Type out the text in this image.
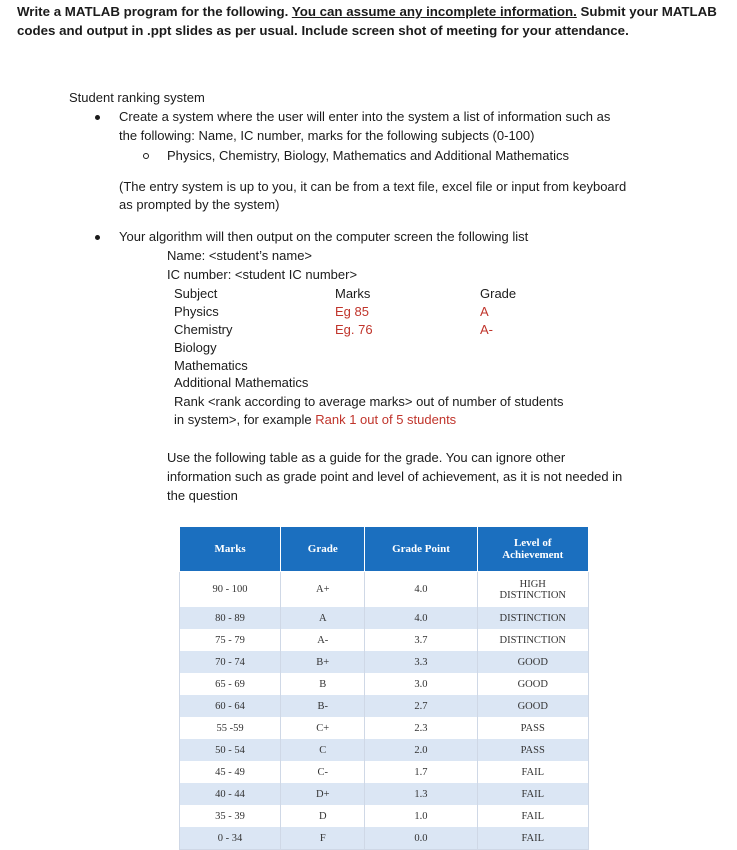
Write a MATLAB program for the following. You can assume any incomplete information. Submit your MATLAB codes and output in .ppt slides as per usual. Include screen shot of meeting for your attendance.
Student ranking system
Create a system where the user will enter into the system a list of information such as
the following: Name, IC number, marks for the following subjects (0-100)
Physics, Chemistry, Biology, Mathematics and Additional Mathematics
(The entry system is up to you, it can be from a text file, excel file or input from keyboard
as prompted by the system)
Your algorithm will then output on the computer screen the following list
Name: <student’s name>
IC number: <student IC number>
Subject	Marks	Grade
Physics	Eg 85	A
Chemistry	Eg. 76	A-
Biology
Mathematics
Additional Mathematics
Rank <rank according to average marks> out of number of students
in system>, for example Rank 1 out of 5 students
Use the following table as a guide for the grade. You can ignore other
information such as grade point and level of achievement, as it is not needed in
the question
Marks	Grade	Grade Point	Level of Achievement
90 - 100	A+	4.0	HIGH DISTINCTION
80 - 89	A	4.0	DISTINCTION
75 - 79	A-	3.7	DISTINCTION
70 - 74	B+	3.3	GOOD
65 - 69	B	3.0	GOOD
60 - 64	B-	2.7	GOOD
55 -59	C+	2.3	PASS
50 - 54	C	2.0	PASS
45 - 49	C-	1.7	FAIL
40 - 44	D+	1.3	FAIL
35 - 39	D	1.0	FAIL
0 - 34	F	0.0	FAIL
